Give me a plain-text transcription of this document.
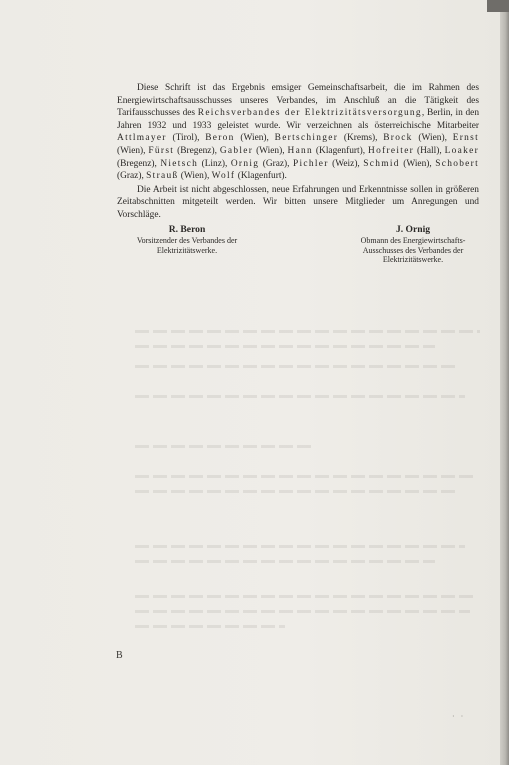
Diese Schrift ist das Ergebnis emsiger Gemeinschaftsarbeit, die im Rahmen des Energiewirtschaftsausschusses unseres Verbandes, im Anschluß an die Tätigkeit des Tarifausschusses des Reichsverbandes der Elektrizitätsversorgung, Berlin, in den Jahren 1932 und 1933 geleistet wurde. Wir verzeichnen als österreichische Mitarbeiter Attlmayer (Tirol), Beron (Wien), Bertschinger (Krems), Brock (Wien), Ernst (Wien), Fürst (Bregenz), Gabler (Wien), Hann (Klagenfurt), Hofreiter (Hall), Loaker (Bregenz), Nietsch (Linz), Ornig (Graz), Pichler (Weiz), Schmid (Wien), Schobert (Graz), Strauß (Wien), Wolf (Klagenfurt).

Die Arbeit ist nicht abgeschlossen, neue Erfahrungen und Erkenntnisse sollen in größeren Zeitabschnitten mitgeteilt werden. Wir bitten unsere Mitglieder um Anregungen und Vorschläge.

R. Beron
Vorsitzender des Verbandes der
Elektrizitätswerke.
J. Ornig
Obmann des Energiewirtschafts-
Ausschusses des Verbandes der
Elektrizitätswerke.
B
· ·
